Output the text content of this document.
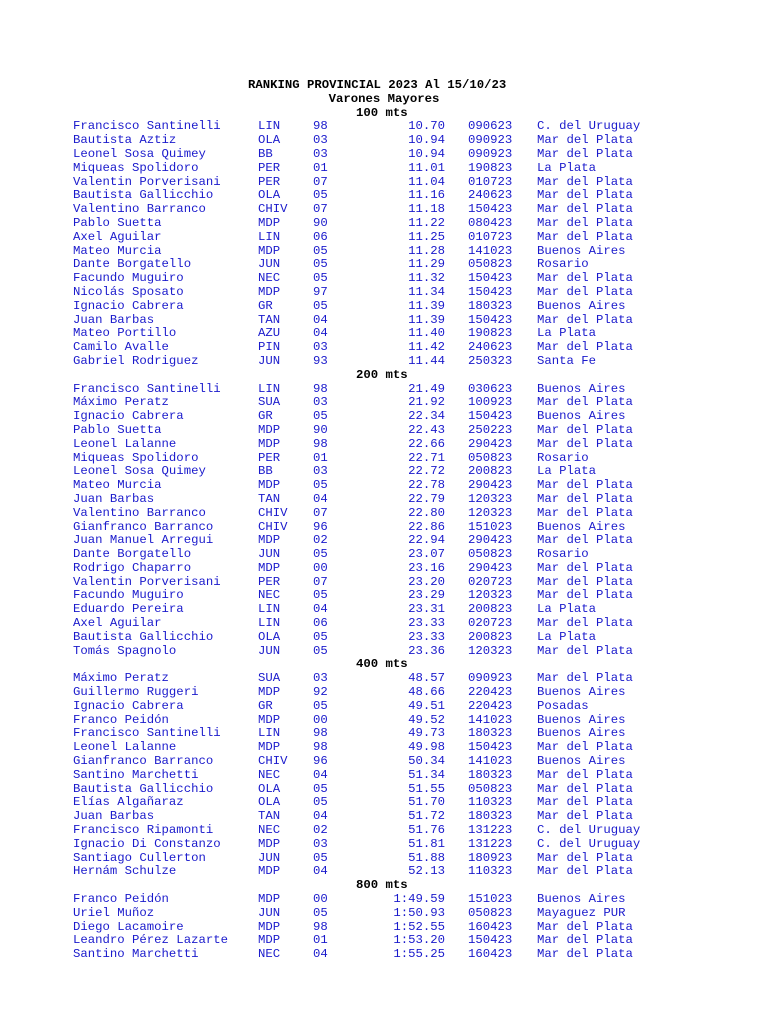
RANKING PROVINCIAL 2023 Al 15/10/23
Varones Mayores
100 mts
Francisco Santinelli	LIN	98	10.70 090623 C. del Uruguay
Bautista Aztiz	OLA	03	10.94 090923 Mar del Plata
Leonel Sosa Quimey	BB	03	10.94 090923 Mar del Plata
Miqueas Spolidoro	PER	01	11.01 190823 La Plata
Valentin Porverisani	PER	07	11.04 010723 Mar del Plata
Bautista Gallicchio	OLA	05	11.16 240623 Mar del Plata
Valentino Barranco	CHIV 07	11.18 150423 Mar del Plata
Pablo Suetta	MDP	90	11.22 080423 Mar del Plata
Axel Aguilar	LIN	06	11.25 010723 Mar del Plata
Mateo Murcia	MDP	05	11.28 141023 Buenos Aires
Dante Borgatello	JUN	05	11.29 050823 Rosario
Facundo Muguiro	NEC	05	11.32 150423 Mar del Plata
Nicolás Sposato	MDP	97	11.34 150423 Mar del Plata
Ignacio Cabrera	GR	05	11.39 180323 Buenos Aires
Juan Barbas	TAN	04	11.39 150423 Mar del Plata
Mateo Portillo	AZU	04	11.40 190823 La Plata
Camilo Avalle	PIN	03	11.42 240623 Mar del Plata
Gabriel Rodriguez	JUN	93	11.44 250323 Santa Fe
200 mts
Francisco Santinelli	LIN	98	21.49 030623 Buenos Aires
Máximo Peratz	SUA	03	21.92 100923 Mar del Plata
Ignacio Cabrera	GR	05	22.34 150423 Buenos Aires
Pablo Suetta	MDP	90	22.43 250223 Mar del Plata
Leonel Lalanne	MDP	98	22.66 290423 Mar del Plata
Miqueas Spolidoro	PER	01	22.71 050823 Rosario
Leonel Sosa Quimey	BB	03	22.72 200823 La Plata
Mateo Murcia	MDP	05	22.78 290423 Mar del Plata
Juan Barbas	TAN	04	22.79 120323 Mar del Plata
Valentino Barranco	CHIV 07	22.80 120323 Mar del Plata
Gianfranco Barranco	CHIV 96	22.86 151023 Buenos Aires
Juan Manuel Arregui	MDP	02	22.94 290423 Mar del Plata
Dante Borgatello	JUN	05	23.07 050823 Rosario
Rodrigo Chaparro	MDP	00	23.16 290423 Mar del Plata
Valentin Porverisani	PER	07	23.20 020723 Mar del Plata
Facundo Muguiro	NEC	05	23.29 120323 Mar del Plata
Eduardo Pereira	LIN	04	23.31 200823 La Plata
Axel Aguilar	LIN	06	23.33 020723 Mar del Plata
Bautista Gallicchio	OLA	05	23.33 200823 La Plata
Tomás Spagnolo	JUN	05	23.36 120323 Mar del Plata
400 mts
Máximo Peratz	SUA	03	48.57 090923 Mar del Plata
Guillermo Ruggeri	MDP	92	48.66 220423 Buenos Aires
Ignacio Cabrera	GR	05	49.51 220423 Posadas
Franco Peidón	MDP	00	49.52 141023 Buenos Aires
Francisco Santinelli	LIN	98	49.73 180323 Buenos Aires
Leonel Lalanne	MDP	98	49.98 150423 Mar del Plata
Gianfranco Barranco	CHIV 96	50.34 141023 Buenos Aires
Santino Marchetti	NEC	04	51.34 180323 Mar del Plata
Bautista Gallicchio	OLA	05	51.55 050823 Mar del Plata
Elías Algañaraz	OLA	05	51.70 110323 Mar del Plata
Juan Barbas	TAN	04	51.72 180323 Mar del Plata
Francisco Ripamonti	NEC	02	51.76 131223 C. del Uruguay
Ignacio Di Constanzo	MDP	03	51.81 131223 C. del Uruguay
Santiago Cullerton	JUN	05	51.88 180923 Mar del Plata
Hernám Schulze	MDP	04	52.13 110323 Mar del Plata
800 mts
Franco Peidón	MDP	00	1:49.59 151023 Buenos Aires
Uriel Muñoz	JUN	05	1:50.93 050823 Mayaguez PUR
Diego Lacamoire	MDP	98	1:52.55 160423 Mar del Plata
Leandro Pérez Lazarte MDP	01	1:53.20 150423 Mar del Plata
Santino Marchetti	NEC	04	1:55.25 160423 Mar del Plata
